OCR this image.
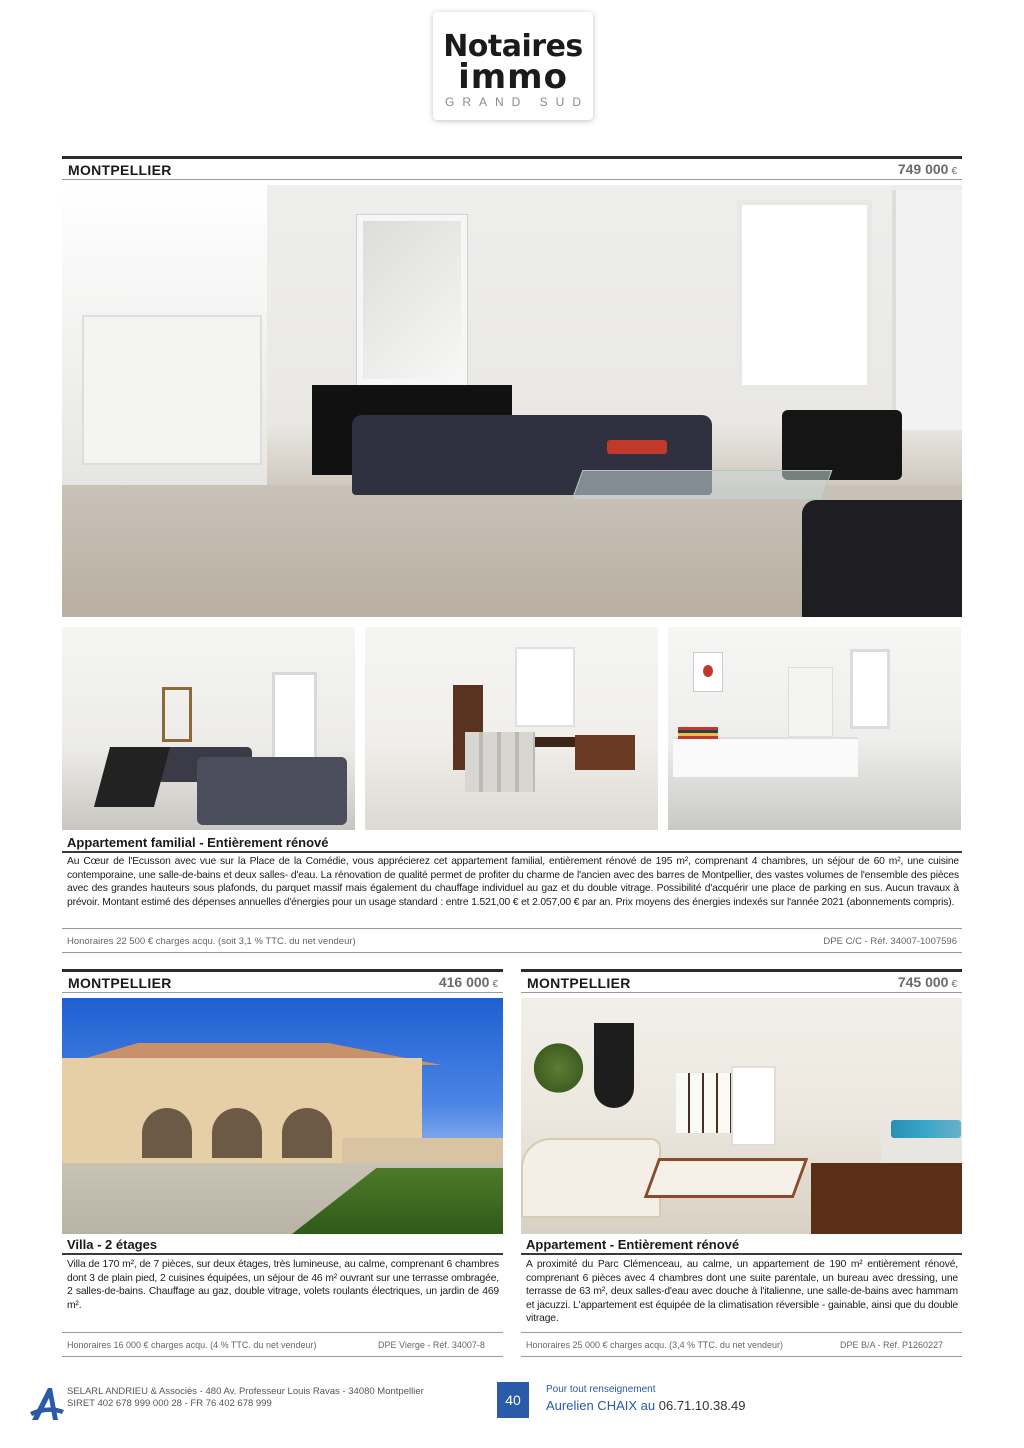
Notaires
immo
GRAND SUD
MONTPELLIER	749 000 €
Appartement familial - Entièrement rénové
Au Cœur de l'Ecusson avec vue sur la Place de la Comédie, vous apprécierez cet appartement familial, entièrement rénové de 195 m², comprenant 4 chambres, un séjour de 60 m², une cuisine contemporaine, une salle-de-bains et deux salles- d'eau. La rénovation de qualité permet de profiter du charme de l'ancien avec des barres de Montpellier, des vastes volumes de l'ensemble des pièces avec des grandes hauteurs sous plafonds, du parquet massif mais également du chauffage individuel au gaz et du double vitrage. Possibilité d'acquérir une place de parking en sus. Aucun travaux à prévoir. Montant estimé des dépenses annuelles d'énergies pour un usage standard : entre 1.521,00 € et 2.057,00 € par an. Prix moyens des énergies indexés sur l'année 2021 (abonnements compris).
Honoraires 22 500 € charges acqu. (soit 3,1 % TTC. du net vendeur)	DPE C/C - Réf. 34007-1007596
MONTPELLIER	416 000 €
Villa - 2 étages
Villa de 170 m², de 7 pièces, sur deux étages, très lumineuse, au calme, comprenant 6 chambres dont 3 de plain pied, 2 cuisines équipées, un séjour de 46 m² ouvrant sur une terrasse ombragée, 2 salles-de-bains. Chauffage au gaz, double vitrage, volets roulants électriques, un jardin de 469 m².
Honoraires 16 000 € charges acqu. (4 % TTC. du net vendeur)	DPE Vierge - Réf. 34007-8
MONTPELLIER	745 000 €
Appartement - Entièrement rénové
A proximité du Parc Clémenceau, au calme, un appartement de 190 m² entièrement rénové, comprenant 6 pièces avec 4 chambres dont une suite parentale, un bureau avec dressing, une terrasse de 63 m², deux salles-d'eau avec douche à l'italienne, une salle-de-bains avec hammam et jacuzzi. L'appartement est équipée de la climatisation réversible - gainable, ainsi que du double vitrage.
Honoraires 25 000 € charges acqu. (3,4 % TTC. du net vendeur)	DPE B/A - Réf. P1260227
SELARL ANDRIEU & Associés - 480 Av. Professeur Louis Ravas - 34080 Montpellier
SIRET 402 678 999 000 28 - FR 76 402 678 999	40
Pour tout renseignement
Aurelien CHAIX au 06.71.10.38.49
